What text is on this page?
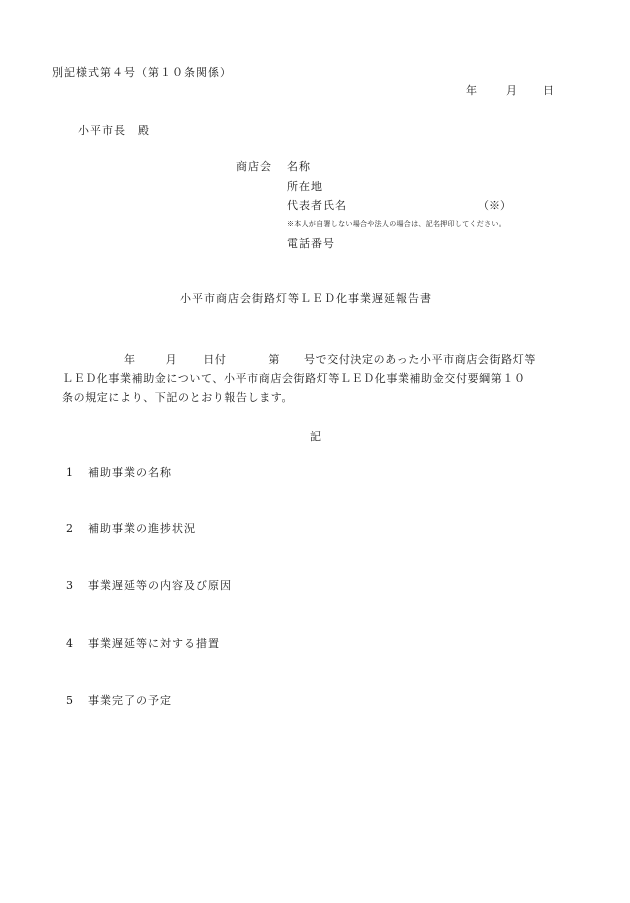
別記様式第４号（第１０条関係）
年	月 日
小平市長　殿
商店会 名称
所在地
代表者氏名	（※）
※本人が自署しない場合や法人の場合は、記名押印してください。
電話番号
小平市商店会街路灯等ＬＥＤ化事業遅延報告書
年	月 日付	第 号で交付決定のあった小平市商店会街路灯等
ＬＥＤ化事業補助金について、小平市商店会街路灯等ＬＥＤ化事業補助金交付要綱第１０
条の規定により、下記のとおり報告します。
記
1 補助事業の名称
2 補助事業の進捗状況
3 事業遅延等の内容及び原因
4 事業遅延等に対する措置
5 事業完了の予定
